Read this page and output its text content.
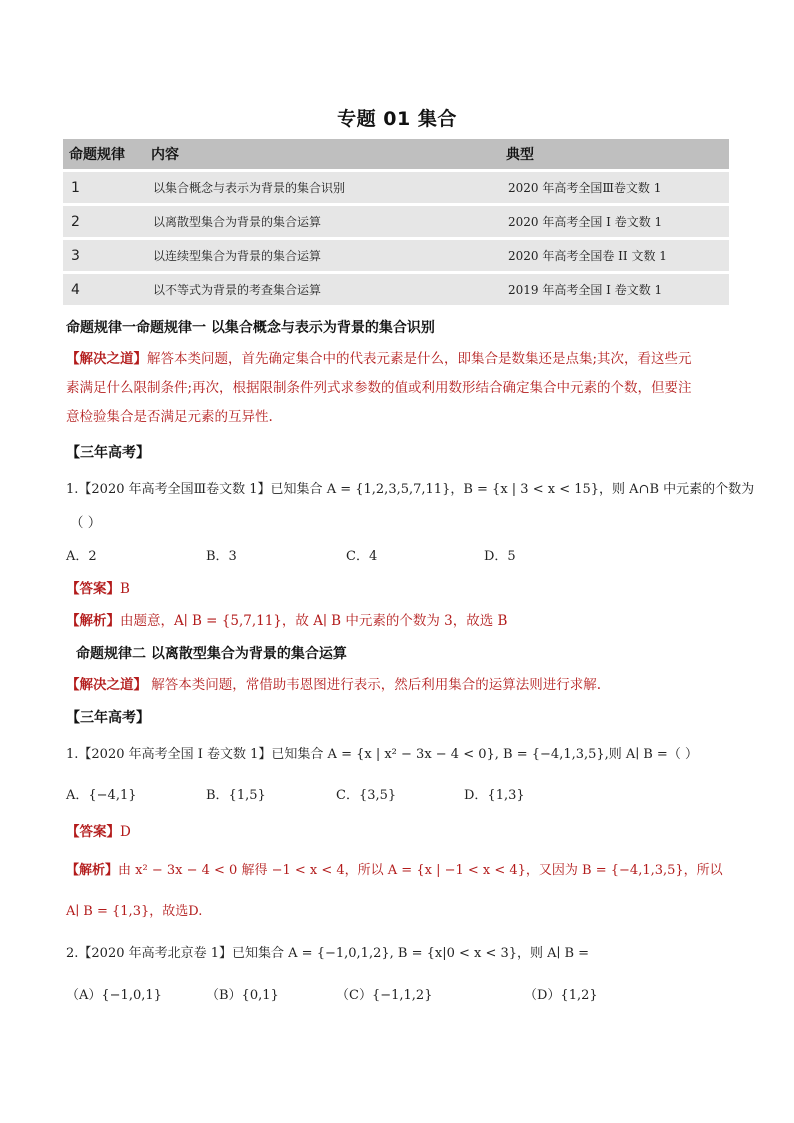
专题 01 集合
命题规律	内容	典型
1	以集合概念与表示为背景的集合识别	2020 年高考全国Ⅲ卷文数 1
2	以离散型集合为背景的集合运算	2020 年高考全国 I 卷文数 1
3	以连续型集合为背景的集合运算	2020 年高考全国卷 II 文数 1
4	以不等式为背景的考查集合运算	2019 年高考全国 I 卷文数 1
命题规律一命题规律一 以集合概念与表示为背景的集合识别
【解决之道】解答本类问题，首先确定集合中的代表元素是什么，即集合是数集还是点集;其次，看这些元
素满足什么限制条件;再次，根据限制条件列式求参数的值或利用数形结合确定集合中元素的个数，但要注
意检验集合是否满足元素的互异性.
【三年高考】
1.【2020 年高考全国Ⅲ卷文数 1】已知集合 A = {1,2,3,5,7,11}，B = {x | 3 < x < 15}，则 A∩B 中元素的个数为
（ ）
A．2	B．3	C．4	D．5
【答案】B
【解析】由题意，A∣ B = {5,7,11}，故 A∣ B 中元素的个数为 3，故选 B
命题规律二 以离散型集合为背景的集合运算
【解决之道】 解答本类问题，常借助韦恩图进行表示，然后利用集合的运算法则进行求解.
【三年高考】
1.【2020 年高考全国 I 卷文数 1】已知集合 A = {x | x² − 3x − 4 < 0}, B = {−4,1,3,5},则 A∣ B =（ ）
A．{−4,1}	B．{1,5}	C．{3,5}	D．{1,3}
【答案】D
【解析】由 x² − 3x − 4 < 0 解得 −1 < x < 4，所以 A = {x | −1 < x < 4}，又因为 B = {−4,1,3,5}，所以
A∣ B = {1,3}，故选D.
2.【2020 年高考北京卷 1】已知集合 A = {−1,0,1,2}, B = {x|0 < x < 3}，则 A∣ B =
（A）{−1,0,1}	（B）{0,1}	（C）{−1,1,2}	（D）{1,2}
